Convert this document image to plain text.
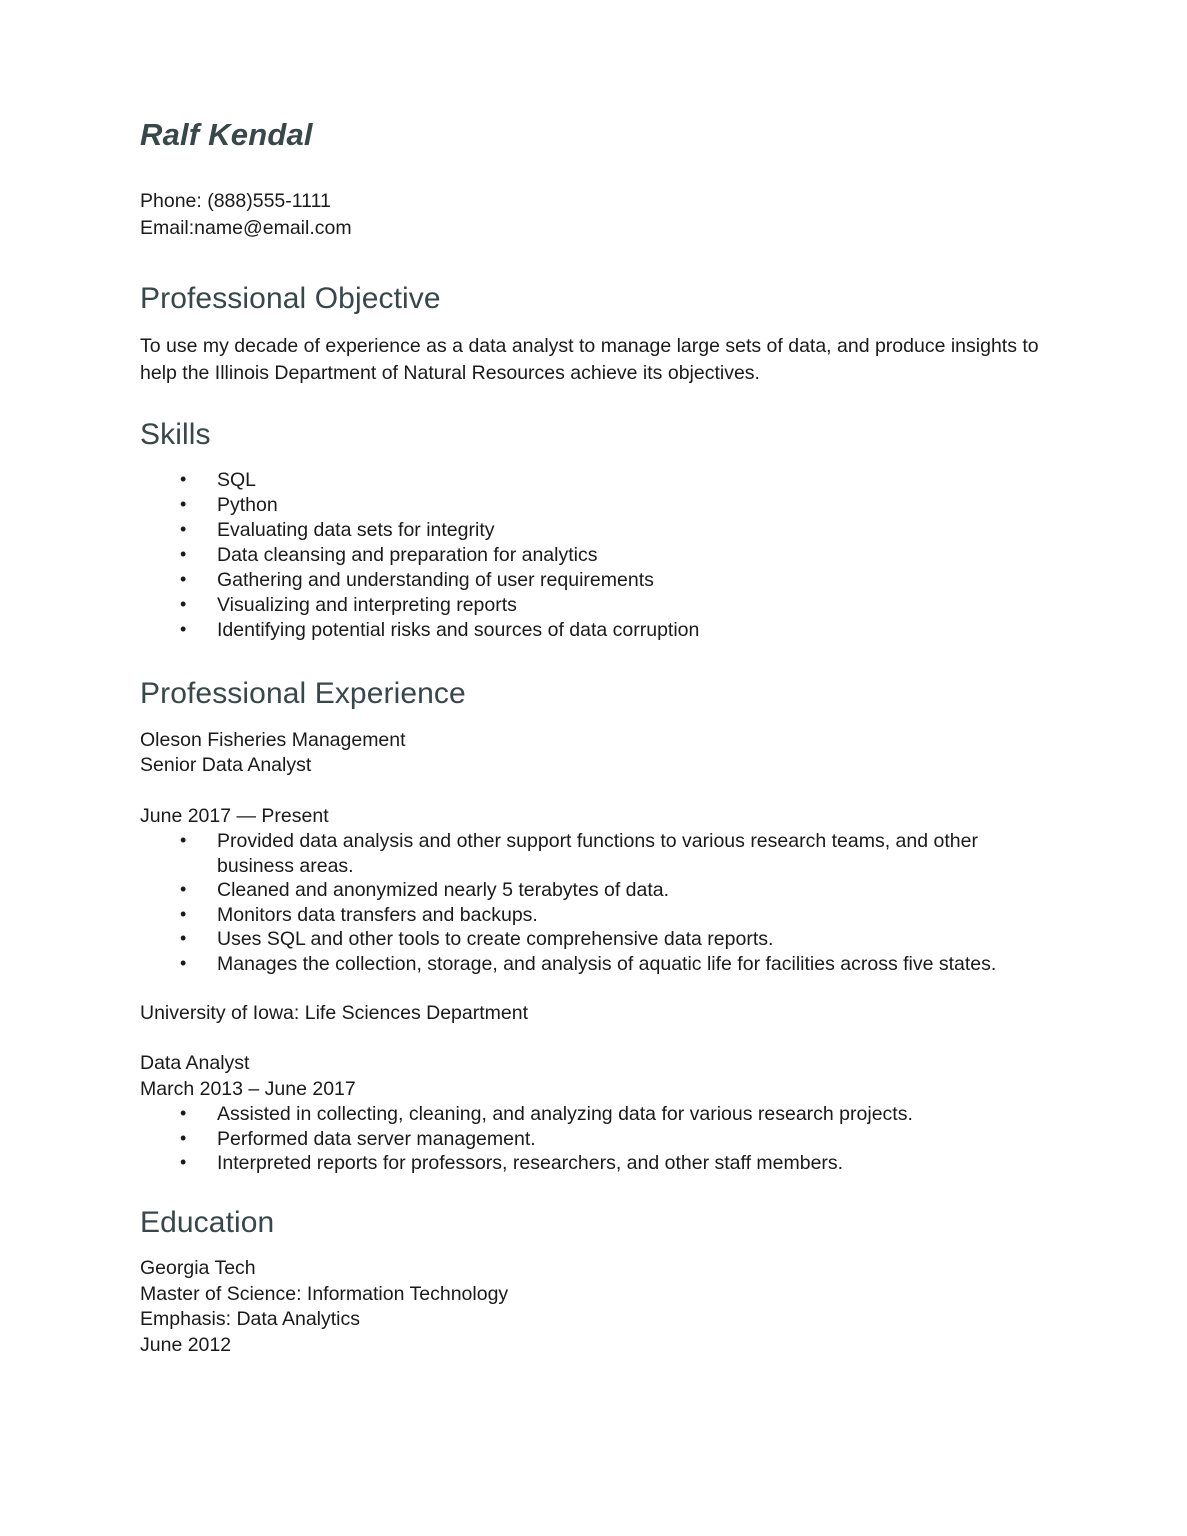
Ralf Kendal
Phone: (888)555-1111
Email:name@email.com
Professional Objective

To use my decade of experience as a data analyst to manage large sets of data, and produce insights to help the Illinois Department of Natural Resources achieve its objectives.

Skills
• SQL
• Python
• Evaluating data sets for integrity
• Data cleansing and preparation for analytics
• Gathering and understanding of user requirements
• Visualizing and interpreting reports
• Identifying potential risks and sources of data corruption
Professional Experience
Oleson Fisheries Management
Senior Data Analyst
June 2017 — Present
• Provided data analysis and other support functions to various research teams, and other business areas.
• Cleaned and anonymized nearly 5 terabytes of data.
• Monitors data transfers and backups.
• Uses SQL and other tools to create comprehensive data reports.
• Manages the collection, storage, and analysis of aquatic life for facilities across five states.
University of Iowa: Life Sciences Department
Data Analyst
March 2013 – June 2017
• Assisted in collecting, cleaning, and analyzing data for various research projects.
• Performed data server management.
• Interpreted reports for professors, researchers, and other staff members.
Education
Georgia Tech
Master of Science: Information Technology
Emphasis: Data Analytics
June 2012
